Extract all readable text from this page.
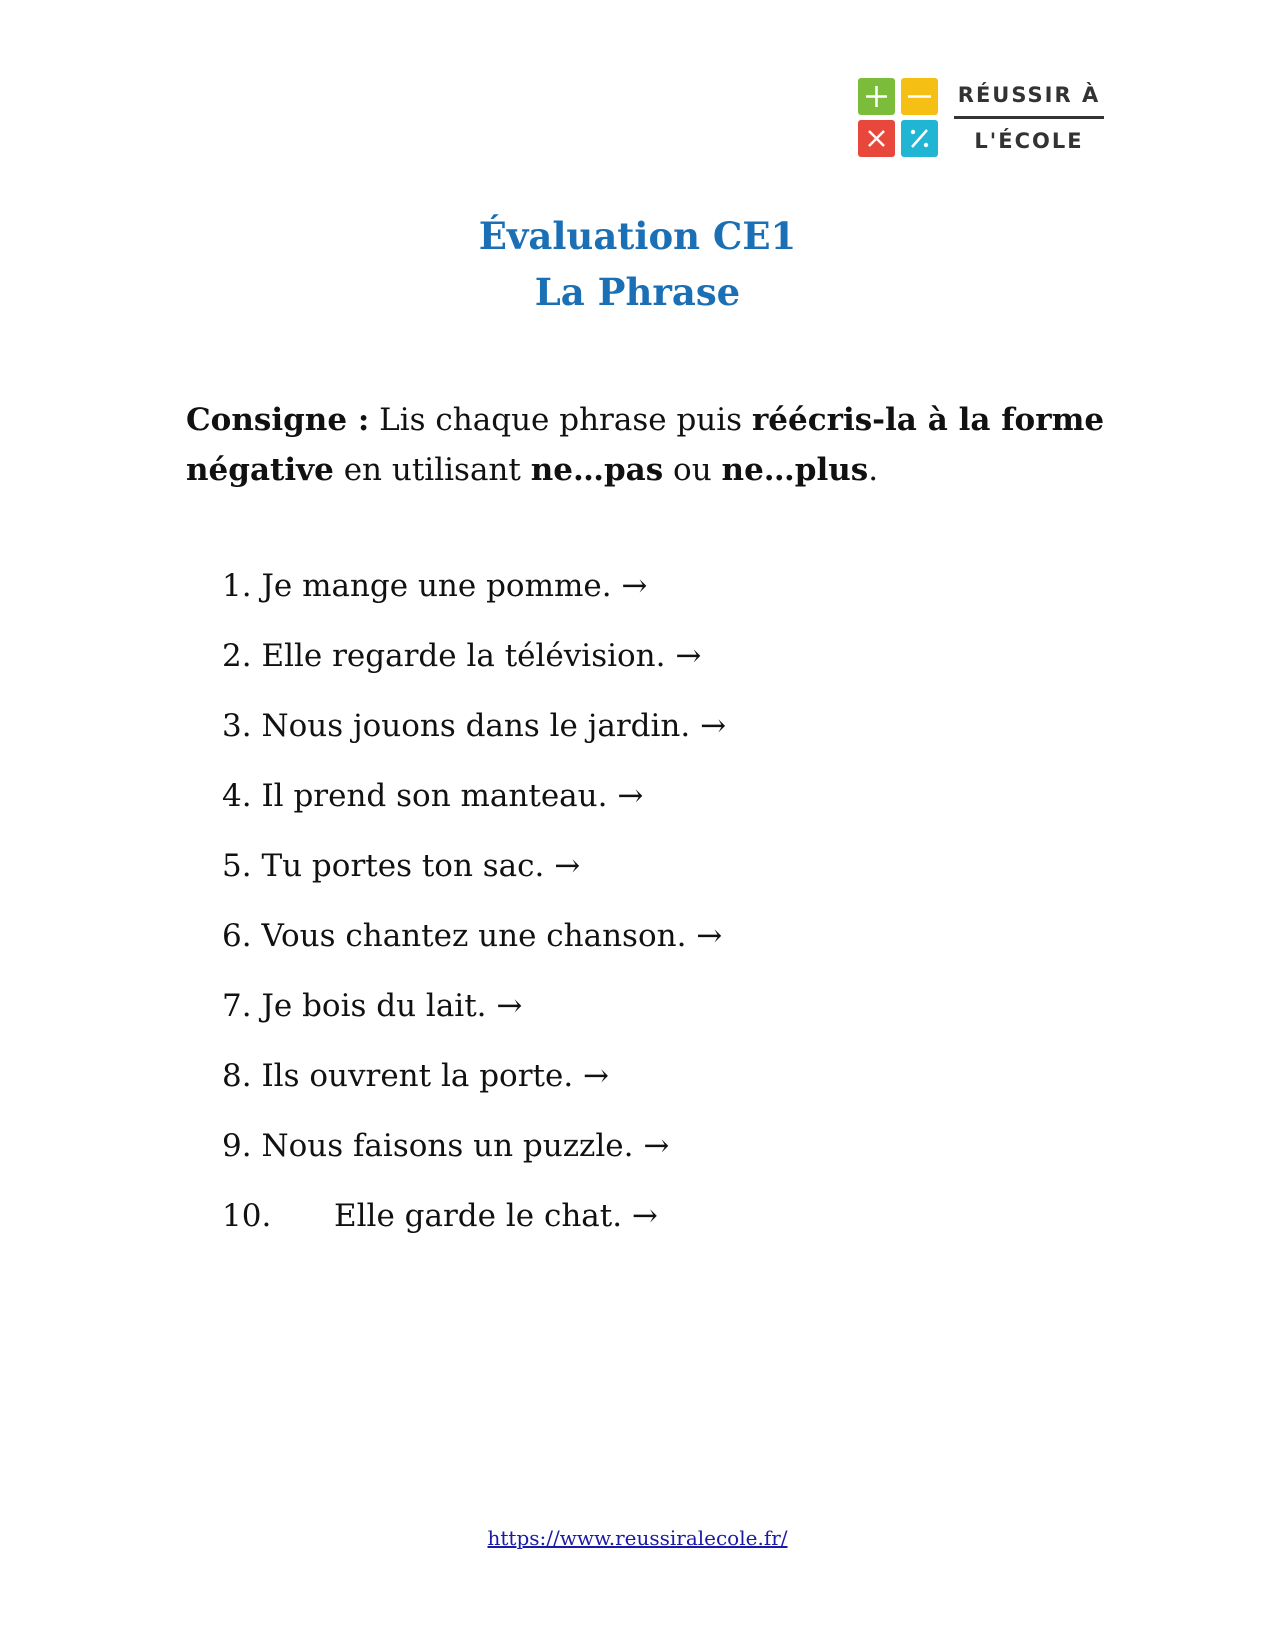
RÉUSSIR À
L'ÉCOLE
Évaluation CE1
La Phrase
Consigne : Lis chaque phrase puis réécris-la à la forme négative en utilisant ne…pas ou ne…plus.
1. Je mange une pomme. →
2. Elle regarde la télévision. →
3. Nous jouons dans le jardin. →
4. Il prend son manteau. →
5. Tu portes ton sac. →
6. Vous chantez une chanson. →
7. Je bois du lait. →
8. Ils ouvrent la porte. →
9. Nous faisons un puzzle. →
10. Elle garde le chat. →
https://www.reussiralecole.fr/
